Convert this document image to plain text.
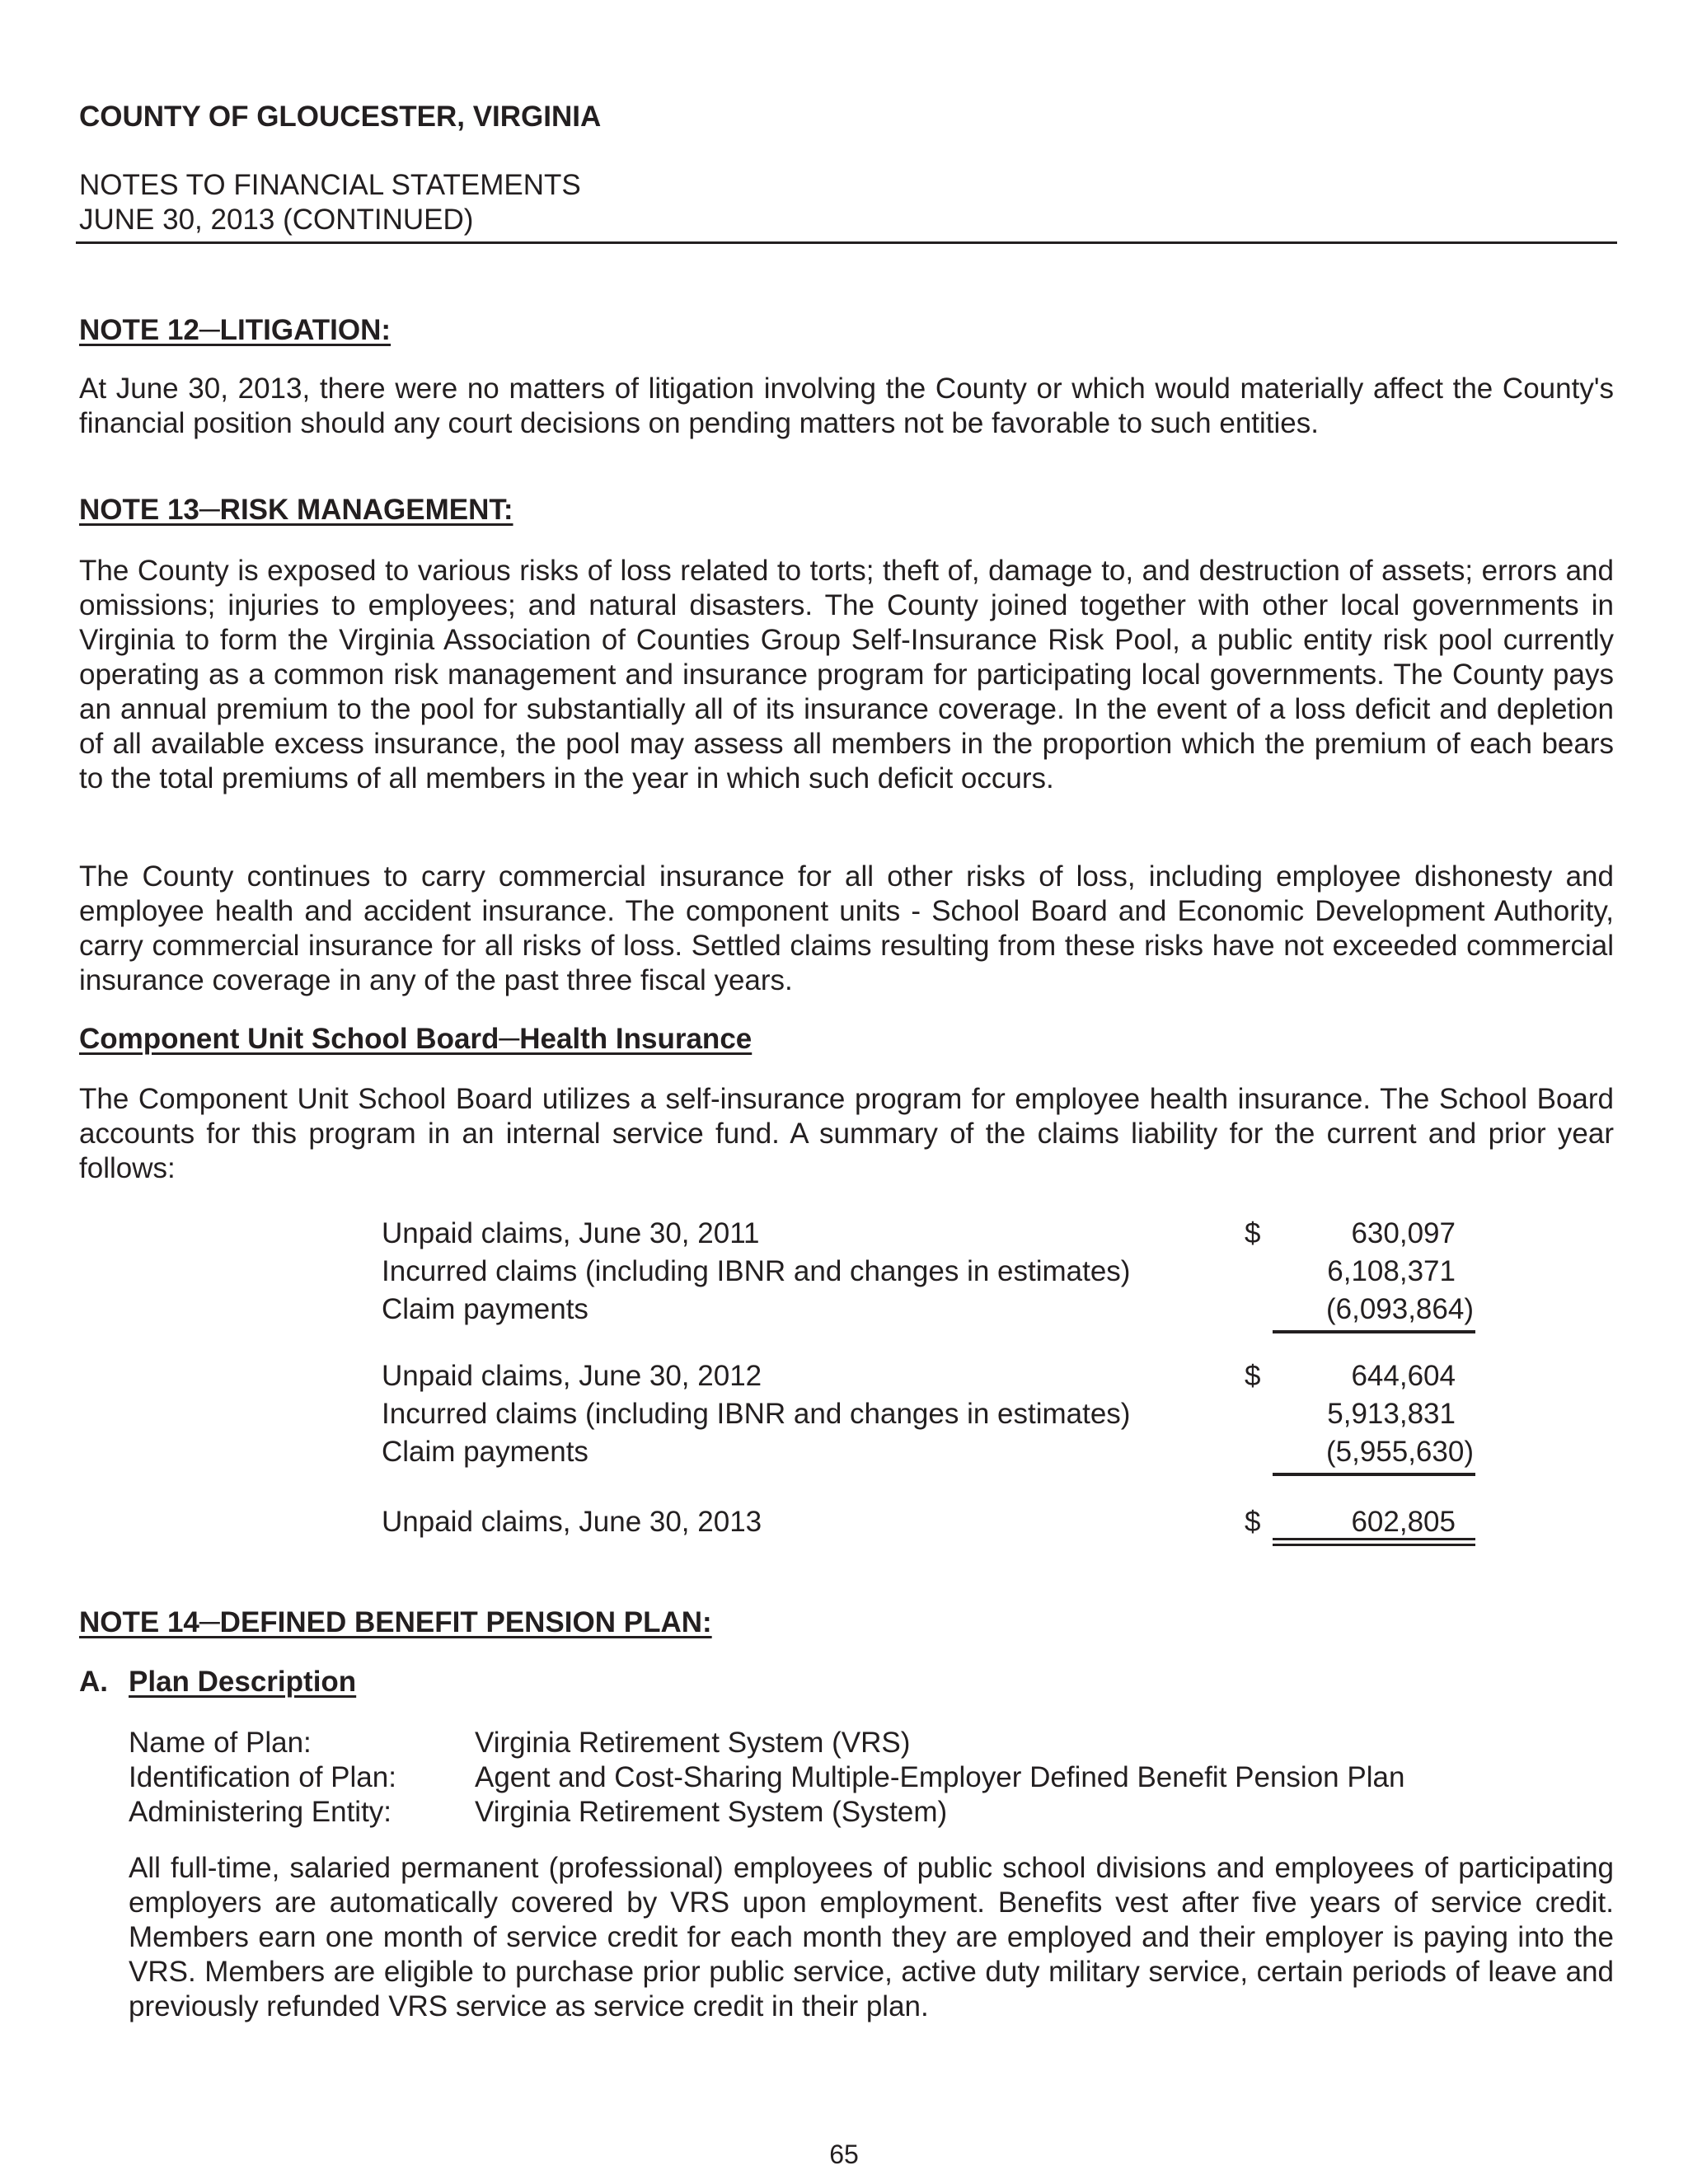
COUNTY OF GLOUCESTER, VIRGINIA
NOTES TO FINANCIAL STATEMENTS
JUNE 30, 2013 (CONTINUED)
NOTE 12─LITIGATION:
At June 30, 2013, there were no matters of litigation involving the County or which would materially affect the County's financial position should any court decisions on pending matters not be favorable to such entities.
NOTE 13─RISK MANAGEMENT:
The County is exposed to various risks of loss related to torts; theft of, damage to, and destruction of assets; errors and omissions; injuries to employees; and natural disasters. The County joined together with other local governments in Virginia to form the Virginia Association of Counties Group Self-Insurance Risk Pool, a public entity risk pool currently operating as a common risk management and insurance program for participating local governments. The County pays an annual premium to the pool for substantially all of its insurance coverage. In the event of a loss deficit and depletion of all available excess insurance, the pool may assess all members in the proportion which the premium of each bears to the total premiums of all members in the year in which such deficit occurs.
The County continues to carry commercial insurance for all other risks of loss, including employee dishonesty and employee health and accident insurance. The component units - School Board and Economic Development Authority, carry commercial insurance for all risks of loss. Settled claims resulting from these risks have not exceeded commercial insurance coverage in any of the past three fiscal years.
Component Unit School Board─Health Insurance
The Component Unit School Board utilizes a self-insurance program for employee health insurance. The School Board accounts for this program in an internal service fund. A summary of the claims liability for the current and prior year follows:
Unpaid claims, June 30, 2011	$	630,097
Incurred claims (including IBNR and changes in estimates)	6,108,371
Claim payments	(6,093,864)
Unpaid claims, June 30, 2012	$	644,604
Incurred claims (including IBNR and changes in estimates)	5,913,831
Claim payments	(5,955,630)
Unpaid claims, June 30, 2013	$	602,805
NOTE 14─DEFINED BENEFIT PENSION PLAN:
A. Plan Description
Name of Plan:	Virginia Retirement System (VRS)
Identification of Plan:	Agent and Cost-Sharing Multiple-Employer Defined Benefit Pension Plan
Administering Entity:	Virginia Retirement System (System)
All full-time, salaried permanent (professional) employees of public school divisions and employees of participating employers are automatically covered by VRS upon employment. Benefits vest after five years of service credit. Members earn one month of service credit for each month they are employed and their employer is paying into the VRS. Members are eligible to purchase prior public service, active duty military service, certain periods of leave and previously refunded VRS service as service credit in their plan.
65
